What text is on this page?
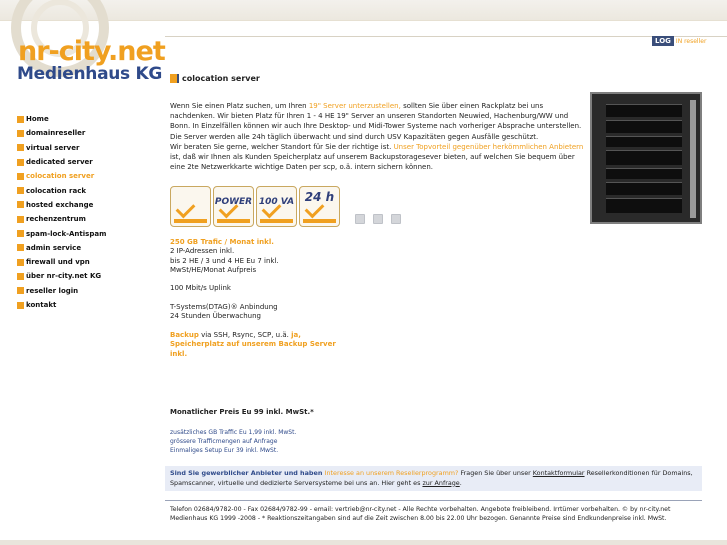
nr-city.net
Medienhaus KG
LOG IN reseller
Home
domainreseller
virtual server
dedicated server
colocation server
colocation rack
hosted exchange
rechenzentrum
spam-lock-Antispam
admin service
firewall und vpn
über nr-city.net KG
reseller login
kontakt
colocation server

Wenn Sie einen Platz suchen, um Ihren 19" Server unterzustellen, sollten Sie über einen Rackplatz bei uns nachdenken. Wir bieten Platz für Ihren 1 - 4 HE 19" Server an unseren Standorten Neuwied, Hachenburg/WW und Bonn. In Einzelfällen können wir auch Ihre Desktop- und Midi-Tower Systeme nach vorheriger Absprache unterstellen.
Die Server werden alle 24h täglich überwacht und sind durch USV Kapazitäten gegen Ausfälle geschützt.
Wir beraten Sie gerne, welcher Standort für Sie der richtige ist. Unser Topvorteil gegenüber herkömmlichen Anbietern ist, daß wir Ihnen als Kunden Speicherplatz auf unserem Backupstoragesever bieten, auf welchen Sie bequem über eine 2te Netzwerkkarte wichtige Daten per scp, o.ä. intern sichern können.

POWER 100 VA 24 h

250 GB Trafic / Monat inkl.

2 IP-Adressen inkl.

bis 2 HE / 3 und 4 HE Eu 7 inkl.

MwSt/HE/Monat Aufpreis

100 Mbit/s Uplink

T-Systems(DTAG)® Anbindung

24 Stunden Überwachung

Backup via SSH, Rsync, SCP, u.ä. ja, Speicherplatz auf unserem Backup Server inkl.

Monatlicher Preis Eu 99 inkl. MwSt.*
zusätzliches GB Traffic Eu 1,99 inkl. MwSt.
grössere Trafficmengen auf Anfrage
Einmaliges Setup Eur 39 inkl. MwSt.
Sind Sie gewerblicher Anbieter und haben Interesse an unserem Resellerprogramm? Fragen Sie über unser Kontaktformular Resellerkonditionen für Domains, Spamscanner, virtuelle und dedizierte Serversysteme bei uns an. Hier geht es zur Anfrage.
Telefon 02684/9782-00 - Fax 02684/9782-99 - email: vertrieb@nr-city.net - Alle Rechte vorbehalten. Angebote freibleibend. Irrtümer vorbehalten. © by nr-city.net
Medienhaus KG 1999 -2008 - * Reaktionszeitangaben sind auf die Zeit zwischen 8.00 bis 22.00 Uhr bezogen. Genannte Preise sind Endkundenpreise inkl. MwSt.
